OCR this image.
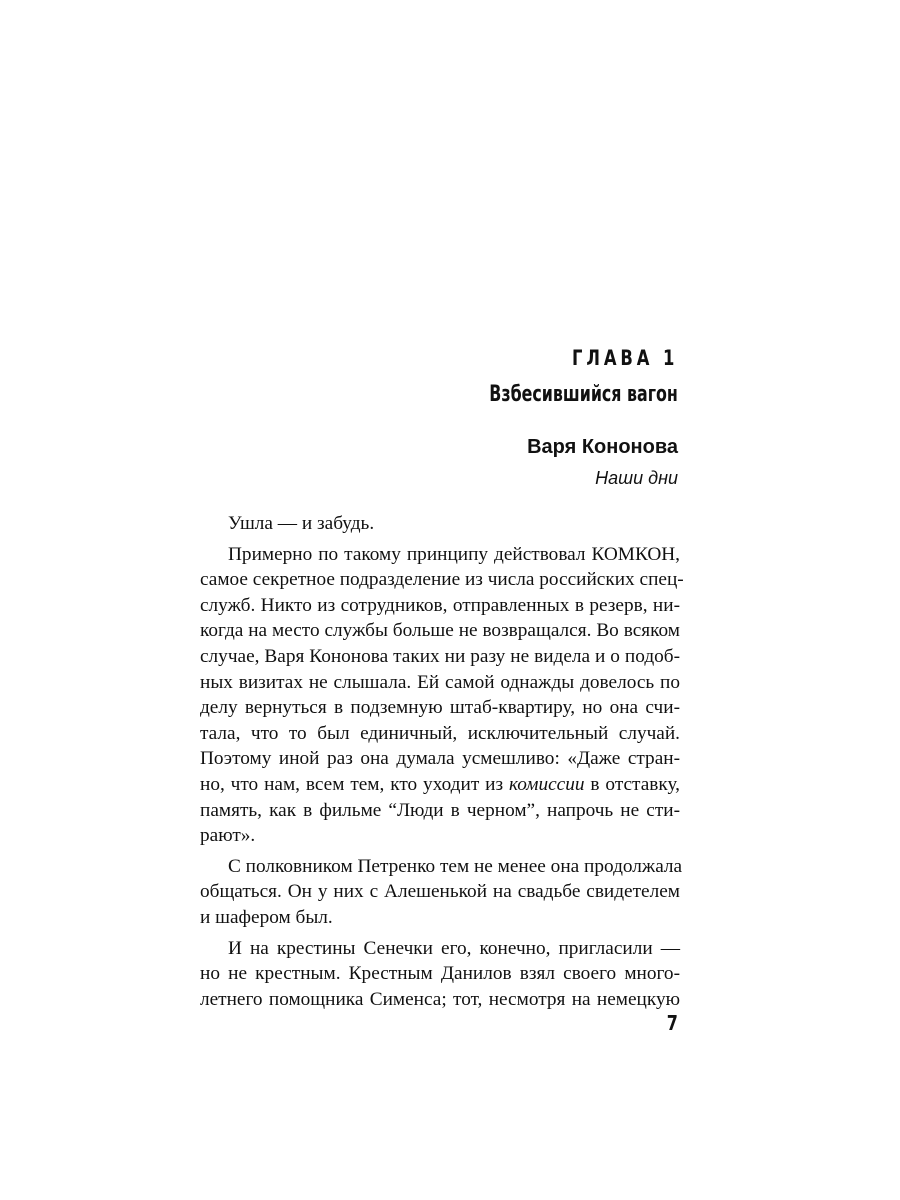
ГЛАВА 1
Взбесившийся вагон
Варя Кононова
Наши дни
Ушла — и забудь.
Примерно по такому принципу действовал КОМКОН,
самое секретное подразделение из числа российских спец-
служб. Никто из сотрудников, отправленных в резерв, ни-
когда на место службы больше не возвращался. Во всяком
случае, Варя Кононова таких ни разу не видела и о подоб-
ных визитах не слышала. Ей самой однажды довелось по
делу вернуться в подземную штаб-квартиру, но она счи-
тала, что то был единичный, исключительный случай.
Поэтому иной раз она думала усмешливо: «Даже стран-
но, что нам, всем тем, кто уходит из комиссии в отставку,
память, как в фильме “Люди в черном”, напрочь не сти-
рают».
С полковником Петренко тем не менее она продолжала
общаться. Он у них с Алешенькой на свадьбе свидетелем
и шафером был.
И на крестины Сенечки его, конечно, пригласили —
но не крестным. Крестным Данилов взял своего много-
летнего помощника Сименса; тот, несмотря на немецкую
7
